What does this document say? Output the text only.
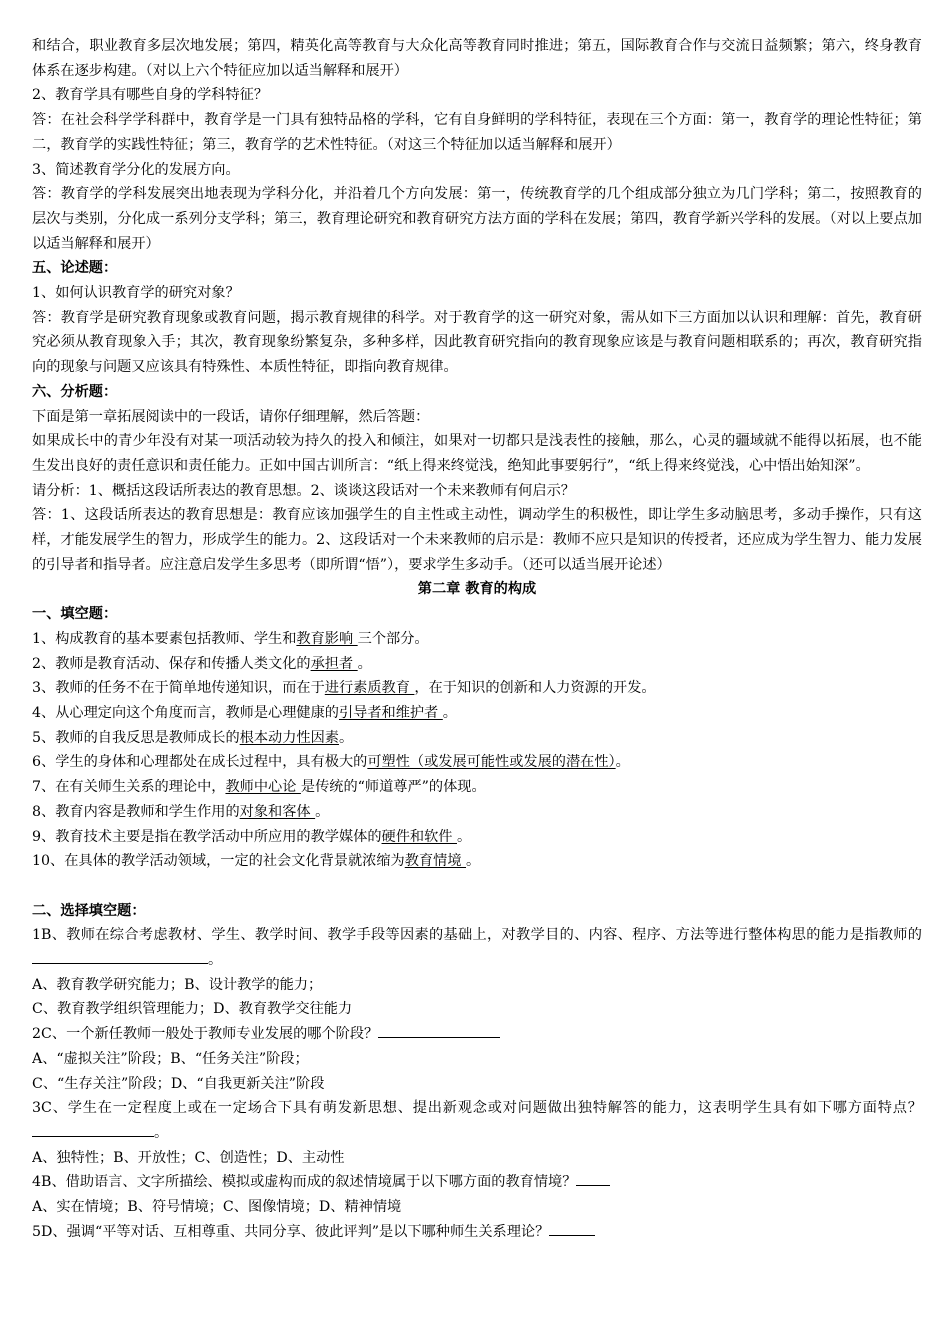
和结合，职业教育多层次地发展；第四，精英化高等教育与大众化高等教育同时推进；第五，国际教育合作与交流日益频繁；第六，终身教育体系在逐步构建。（对以上六个特征应加以适当解释和展开）
2、教育学具有哪些自身的学科特征？
答：在社会科学学科群中，教育学是一门具有独特品格的学科，它有自身鲜明的学科特征，表现在三个方面：第一，教育学的理论性特征；第二，教育学的实践性特征；第三，教育学的艺术性特征。（对这三个特征加以适当解释和展开）
3、简述教育学分化的发展方向。
答：教育学的学科发展突出地表现为学科分化，并沿着几个方向发展：第一，传统教育学的几个组成部分独立为几门学科；第二，按照教育的层次与类别，分化成一系列分支学科；第三，教育理论研究和教育研究方法方面的学科在发展；第四，教育学新兴学科的发展。（对以上要点加以适当解释和展开）
五、论述题：
1、如何认识教育学的研究对象？
答：教育学是研究教育现象或教育问题，揭示教育规律的科学。对于教育学的这一研究对象，需从如下三方面加以认识和理解：首先，教育研究必须从教育现象入手；其次，教育现象纷繁复杂，多种多样，因此教育研究指向的教育现象应该是与教育问题相联系的；再次，教育研究指向的现象与问题又应该具有特殊性、本质性特征，即指向教育规律。
六、分析题：
下面是第一章拓展阅读中的一段话，请你仔细理解，然后答题：
如果成长中的青少年没有对某一项活动较为持久的投入和倾注，如果对一切都只是浅表性的接触，那么，心灵的疆域就不能得以拓展，也不能生发出良好的责任意识和责任能力。正如中国古训所言：“纸上得来终觉浅，绝知此事要躬行”，“纸上得来终觉浅，心中悟出始知深”。
请分析：1、概括这段话所表达的教育思想。2、谈谈这段话对一个未来教师有何启示？
答：1、这段话所表达的教育思想是：教育应该加强学生的自主性或主动性，调动学生的积极性，即让学生多动脑思考，多动手操作，只有这样，才能发展学生的智力，形成学生的能力。2、这段话对一个未来教师的启示是：教师不应只是知识的传授者，还应成为学生智力、能力发展的引导者和指导者。应注意启发学生多思考（即所谓“悟”），要求学生多动手。（还可以适当展开论述）
第二章 教育的构成
一、填空题：
1、构成教育的基本要素包括教师、学生和教育影响 三个部分。
2、教师是教育活动、保存和传播人类文化的承担者 。
3、教师的任务不在于简单地传递知识，而在于进行素质教育 ，在于知识的创新和人力资源的开发。
4、从心理定向这个角度而言，教师是心理健康的引导者和维护者 。
5、教师的自我反思是教师成长的根本动力性因素。
6、学生的身体和心理都处在成长过程中，具有极大的可塑性（或发展可能性或发展的潜在性）。
7、在有关师生关系的理论中，教师中心论 是传统的“师道尊严”的体现。
8、教育内容是教师和学生作用的对象和客体 。
9、教育技术主要是指在教学活动中所应用的教学媒体的硬件和软件 。
10、在具体的教学活动领域，一定的社会文化背景就浓缩为教育情境 。
二、选择填空题：
1B、教师在综合考虑教材、学生、教学时间、教学手段等因素的基础上，对教学目的、内容、程序、方法等进行整体构思的能力是指教师的。
A、教育教学研究能力；B、设计教学的能力；
C、教育教学组织管理能力；D、教育教学交往能力
2C、一个新任教师一般处于教师专业发展的哪个阶段？
A、“虚拟关注”阶段；B、“任务关注”阶段；
C、“生存关注”阶段；D、“自我更新关注”阶段
3C、学生在一定程度上或在一定场合下具有萌发新思想、提出新观念或对问题做出独特解答的能力，这表明学生具有如下哪方面特点？。
A、独特性；B、开放性；C、创造性；D、主动性
4B、借助语言、文字所描绘、模拟或虚构而成的叙述情境属于以下哪方面的教育情境？
A、实在情境；B、符号情境；C、图像情境；D、精神情境
5D、强调“平等对话、互相尊重、共同分享、彼此评判”是以下哪种师生关系理论？
